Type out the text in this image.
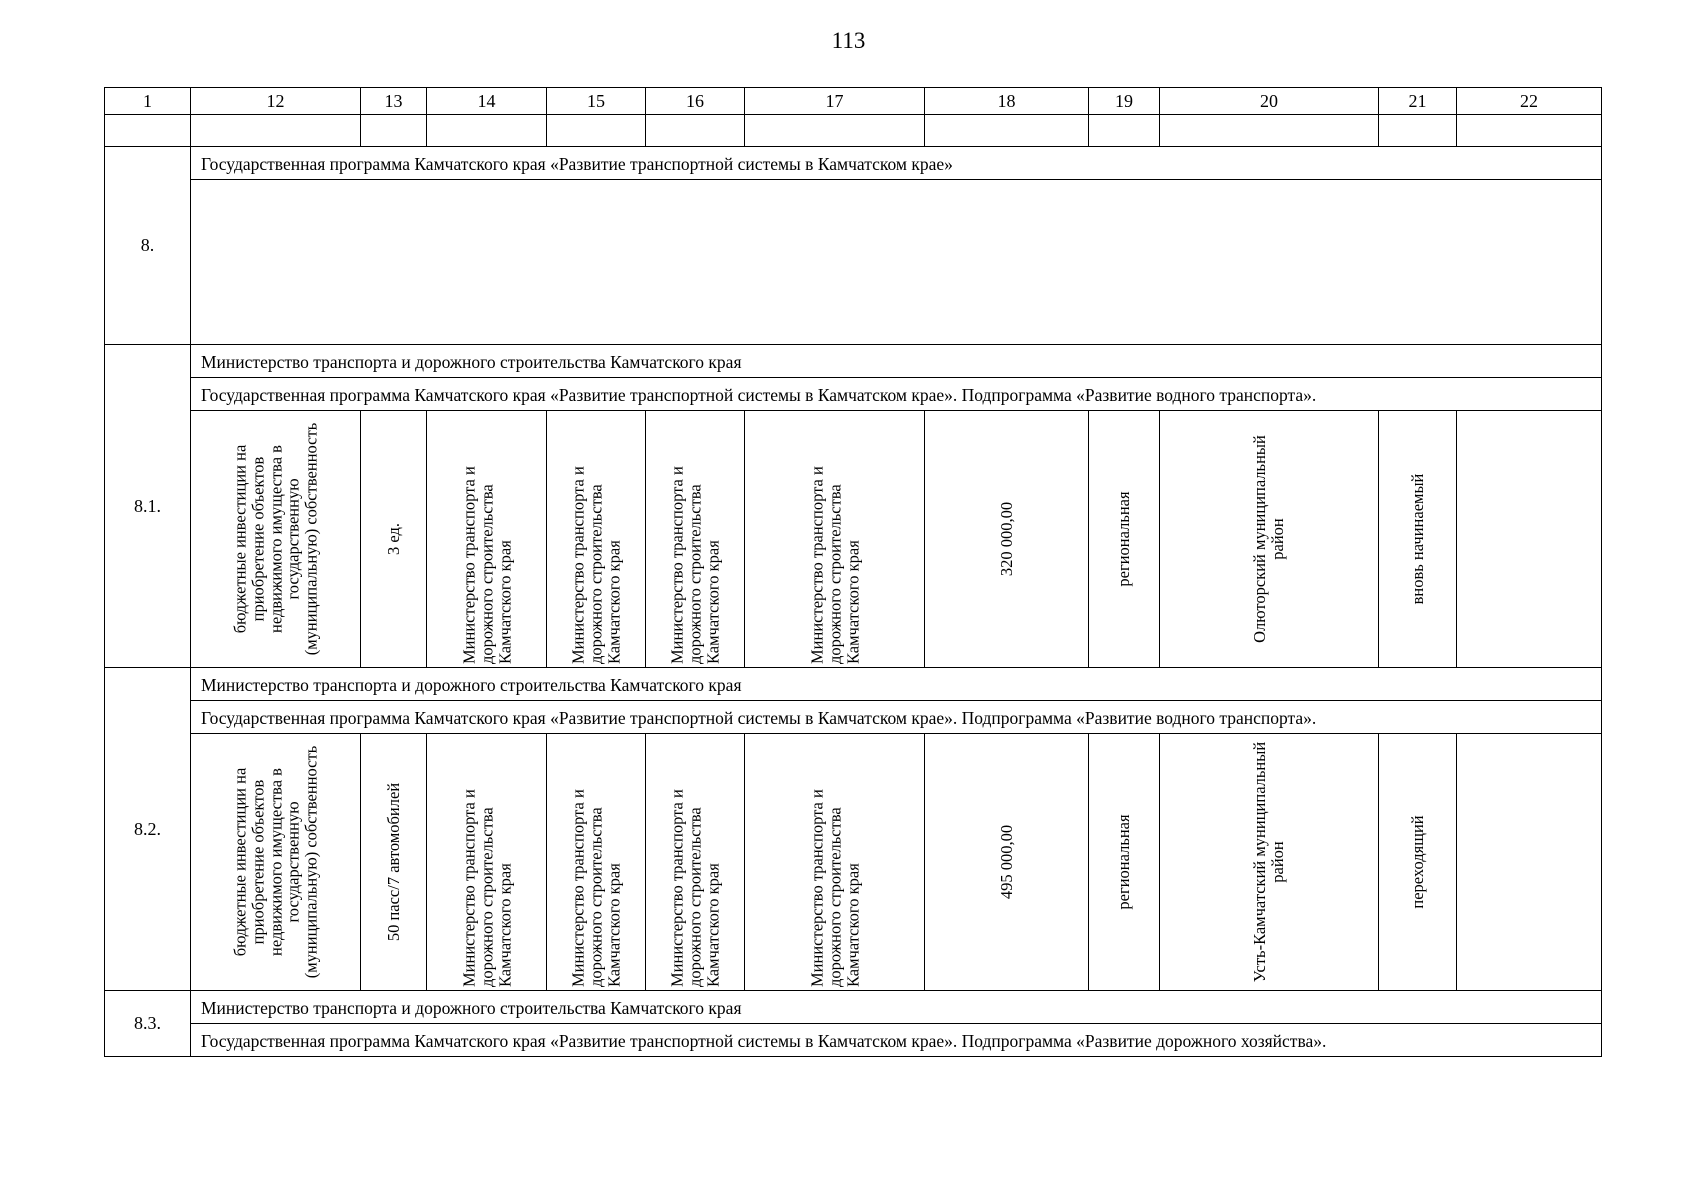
113
1	12	13	14	15	16	17	18	19	20	21	22

8.	Государственная программа Камчатского края «Развитие транспортной системы в Камчатском крае»										

8.1.	Министерство транспорта и дорожного строительства Камчатского края										
	Государственная программа Камчатского края «Развитие транспортной системы в Камчатском крае». Подпрограмма «Развитие водного транспорта».										

	бюджетные инвестиции на приобретение объектов недвижимого имущества в государственную (муниципальную) собственность	3 ед.	Министерство транспорта и дорожного строительства Камчатского края	Министерство транспорта и дорожного строительства Камчатского края	Министерство транспорта и дорожного строительства Камчатского края	Министерство транспорта и дорожного строительства Камчатского края	320 000,00	региональная	Олюторский муниципальный район	вновь начинаемый	

8.2.	Министерство транспорта и дорожного строительства Камчатского края										
	Государственная программа Камчатского края «Развитие транспортной системы в Камчатском крае». Подпрограмма «Развитие водного транспорта».										

	бюджетные инвестиции на приобретение объектов недвижимого имущества в государственную (муниципальную) собственность	50 пасс/7 автомобилей	Министерство транспорта и дорожного строительства Камчатского края	Министерство транспорта и дорожного строительства Камчатского края	Министерство транспорта и дорожного строительства Камчатского края	Министерство транспорта и дорожного строительства Камчатского края	495 000,00	региональная	Усть-Камчатский муниципальный район	переходящий	

8.3.	Министерство транспорта и дорожного строительства Камчатского края										
	Государственная программа Камчатского края «Развитие транспортной системы в Камчатском крае». Подпрограмма «Развитие дорожного хозяйства».										
